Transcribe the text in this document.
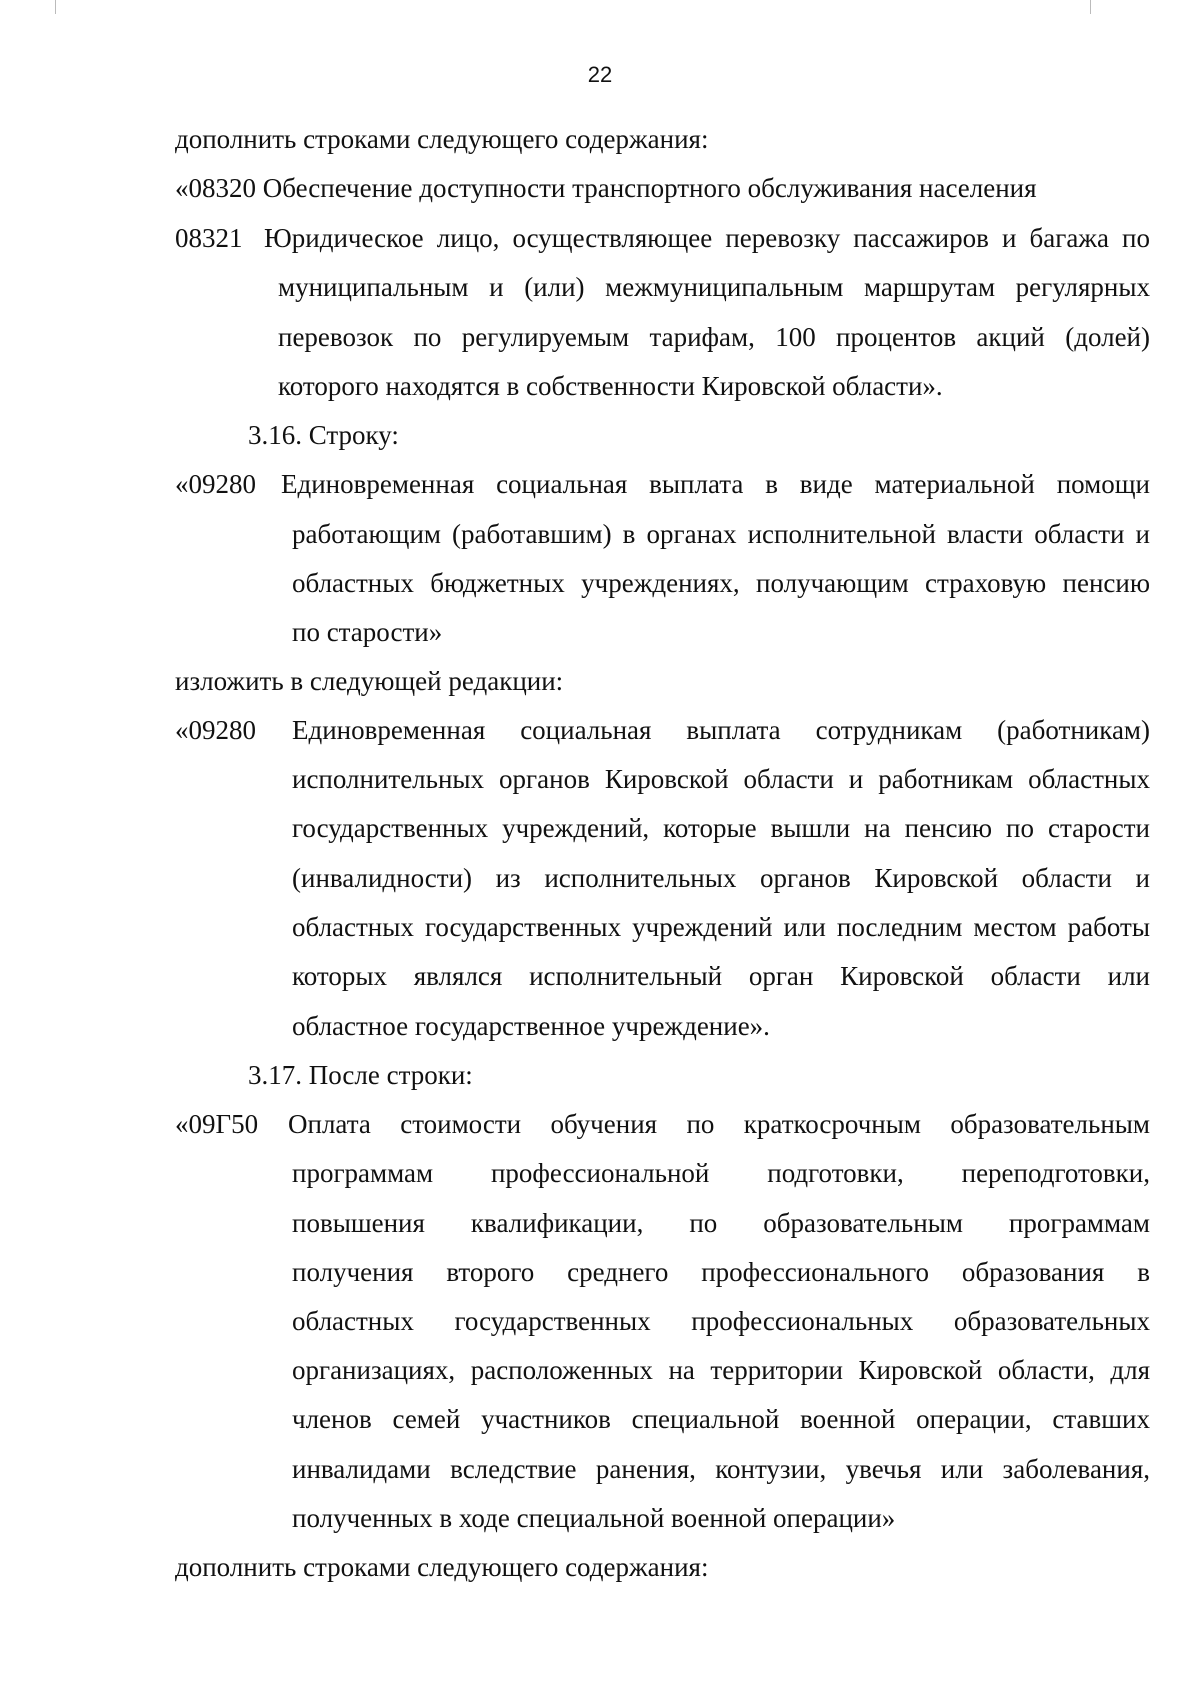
22
дополнить строками следующего содержания:
«08320 Обеспечение доступности транспортного обслуживания населения
08321 Юридическое лицо, осуществляющее перевозку пассажиров и багажа по
муниципальным и (или) межмуниципальным маршрутам регулярных
перевозок по регулируемым тарифам, 100 процентов акций (долей)
которого находятся в собственности Кировской области».
3.16. Строку:
«09280 Единовременная социальная выплата в виде материальной помощи
работающим (работавшим) в органах исполнительной власти области и
областных бюджетных учреждениях, получающим страховую пенсию
по старости»
изложить в следующей редакции:
«09280 Единовременная социальная выплата сотрудникам (работникам)
исполнительных органов Кировской области и работникам областных
государственных учреждений, которые вышли на пенсию по старости
(инвалидности) из исполнительных органов Кировской области и
областных государственных учреждений или последним местом работы
которых являлся исполнительный орган Кировской области или
областное государственное учреждение».
3.17. После строки:
«09Г50 Оплата стоимости обучения по краткосрочным образовательным
программам профессиональной подготовки, переподготовки,
повышения квалификации, по образовательным программам
получения второго среднего профессионального образования в
областных государственных профессиональных образовательных
организациях, расположенных на территории Кировской области, для
членов семей участников специальной военной операции, ставших
инвалидами вследствие ранения, контузии, увечья или заболевания,
полученных в ходе специальной военной операции»
дополнить строками следующего содержания:
